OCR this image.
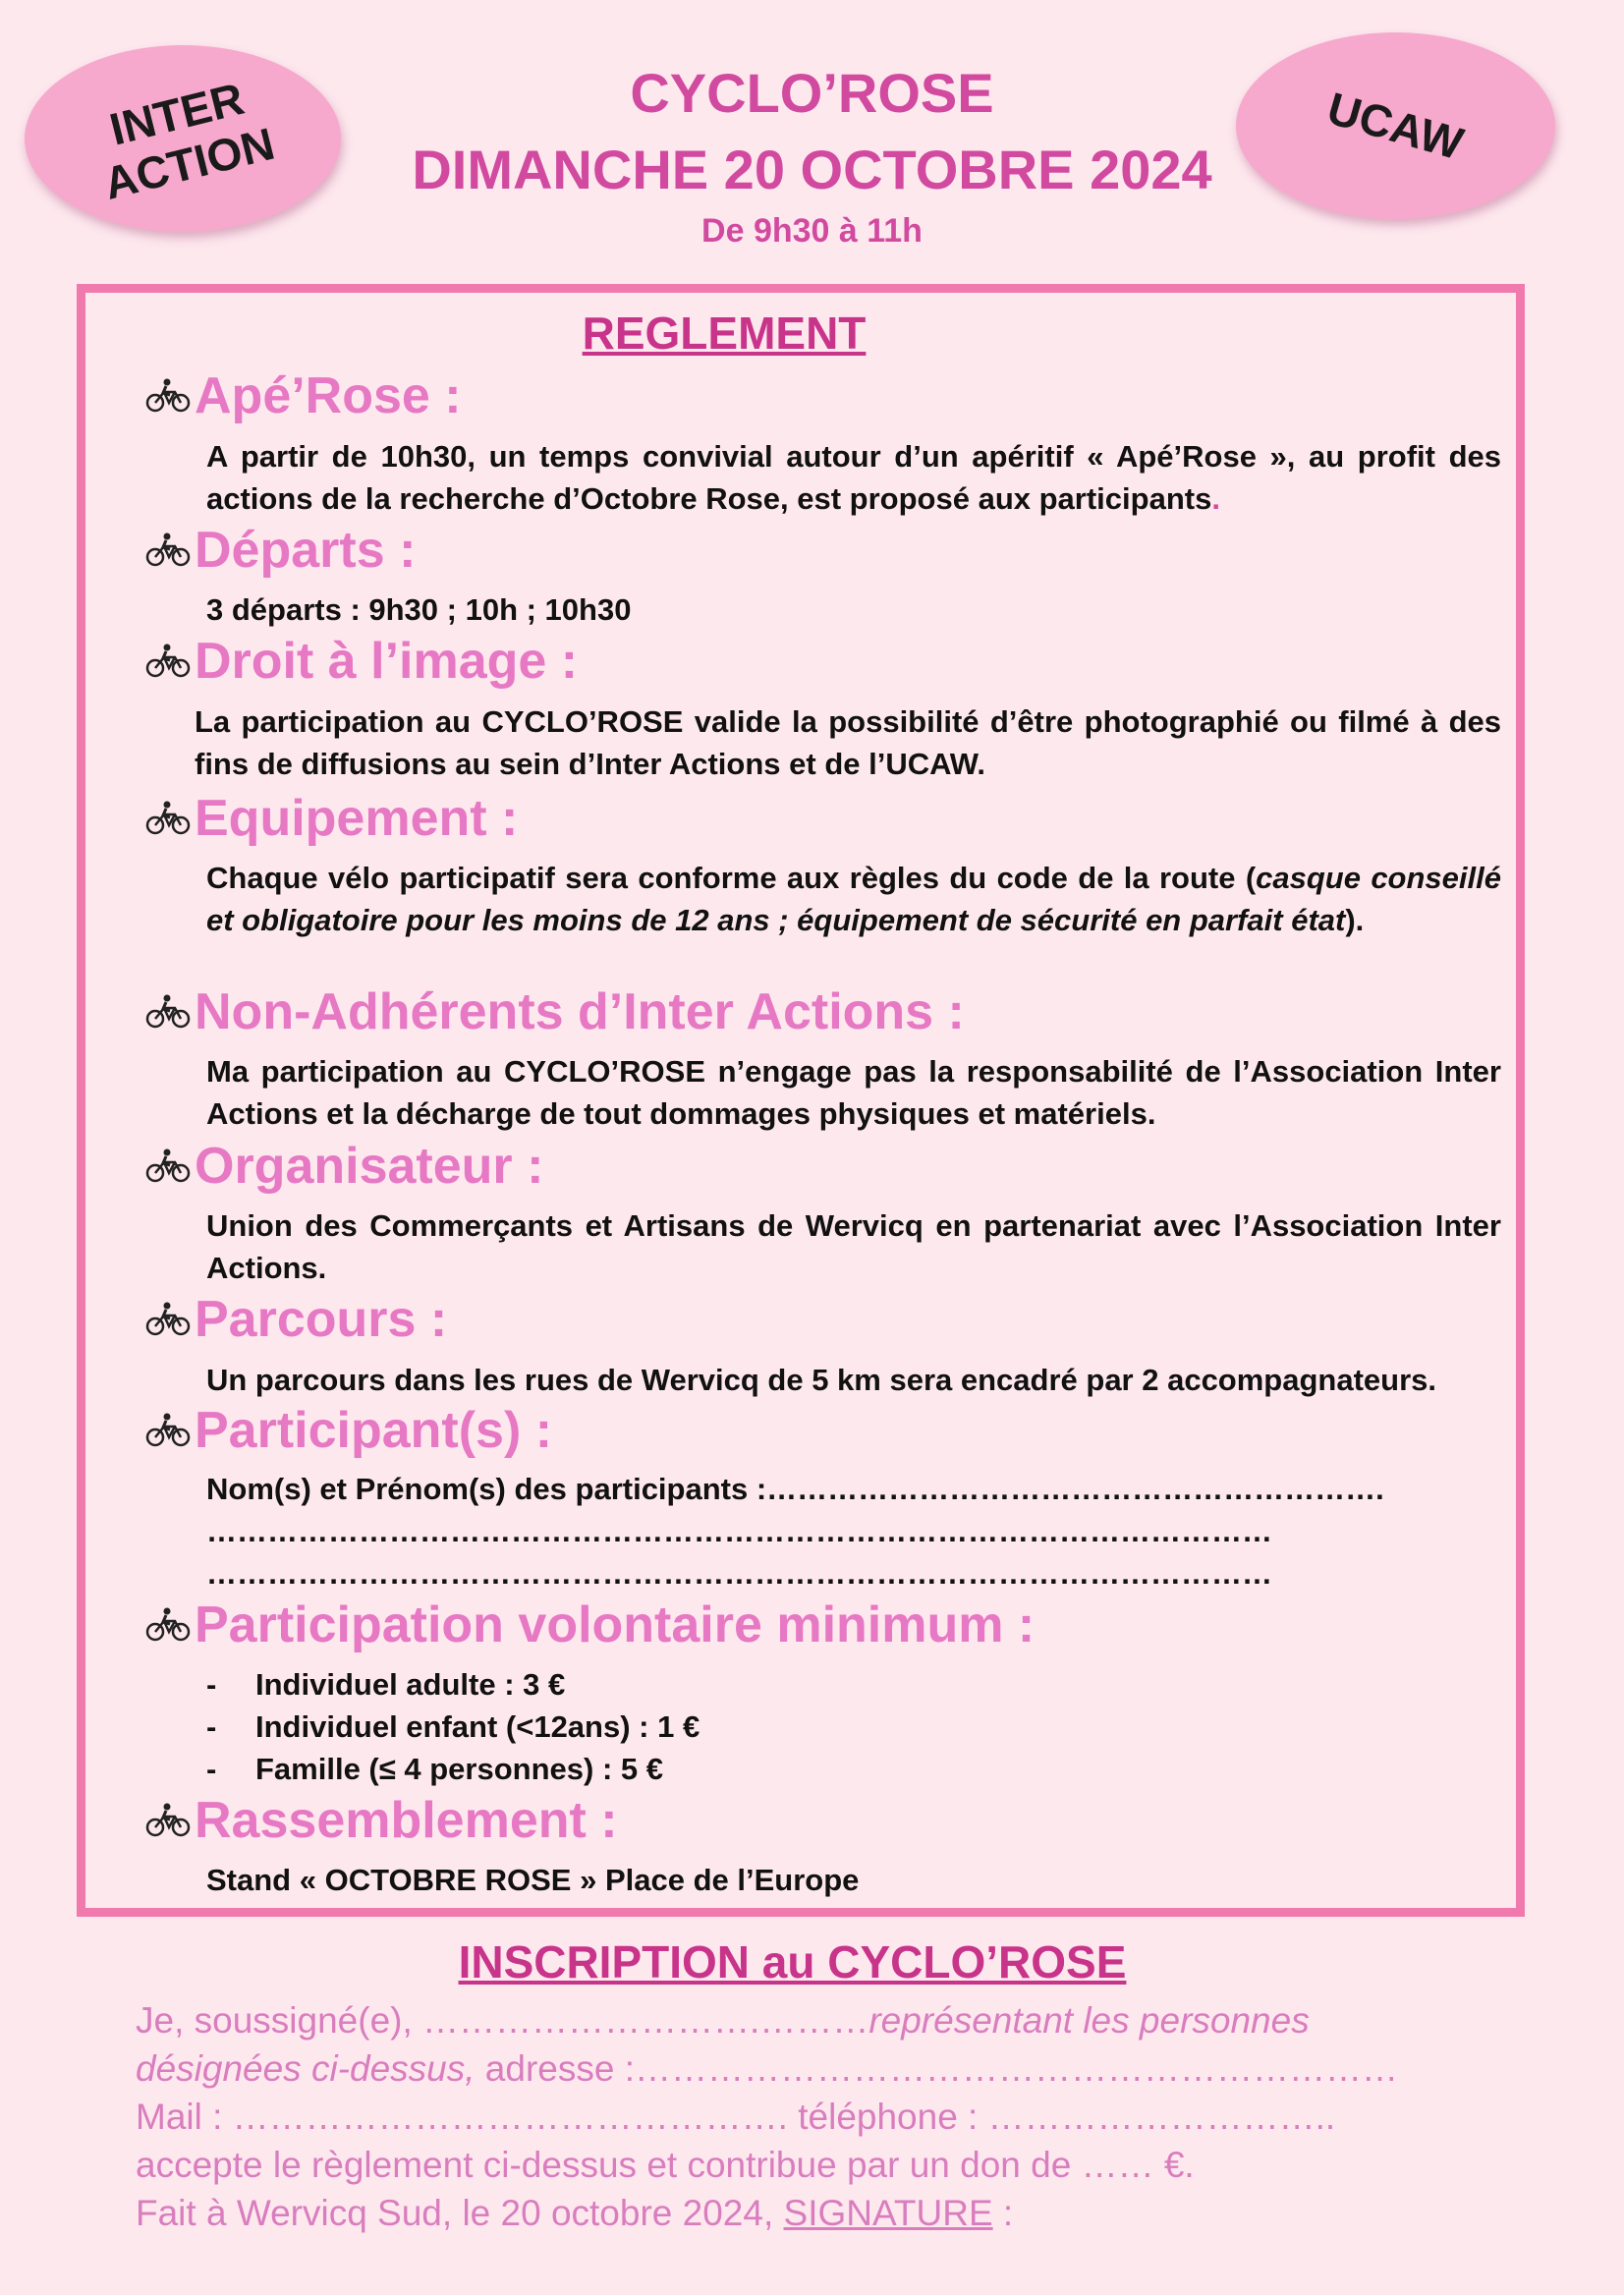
INTER
ACTION	UCAW
CYCLO’ROSE
DIMANCHE 20 OCTOBRE 2024
De 9h30 à 11h
REGLEMENT
Apé’Rose :
A partir de 10h30, un temps convivial autour d’un apéritif « Apé’Rose », au profit des actions de la recherche d’Octobre Rose, est proposé aux participants.
Départs :
3 départs : 9h30 ; 10h ; 10h30
Droit à l’image :
La participation au CYCLO’ROSE valide la possibilité d’être photographié ou filmé à des fins de diffusions au sein d’Inter Actions et de l’UCAW.
Equipement :
Chaque vélo participatif sera conforme aux règles du code de la route (casque conseillé et obligatoire pour les moins de 12 ans ; équipement de sécurité en parfait état).
Non-Adhérents d’Inter Actions :
Ma participation au CYCLO’ROSE n’engage pas la responsabilité de l’Association Inter Actions et la décharge de tout dommages physiques et matériels.
Organisateur :
Union des Commerçants et Artisans de Wervicq en partenariat avec l’Association Inter Actions.
Parcours :
Un parcours dans les rues de Wervicq de 5 km sera encadré par 2 accompagnateurs.
Participant(s) :
Nom(s) et Prénom(s) des participants :…………………………………………………….
……………………………………………………………………………………………
……………………………………………………………………………………………
Participation volontaire minimum :
-	Individuel adulte : 3 €
-	Individuel enfant (<12ans) : 1 €
-	Famille (≤ 4 personnes) : 5 €
Rassemblement :
Stand « OCTOBRE ROSE » Place de l’Europe
INSCRIPTION au CYCLO’ROSE
Je, soussigné(e), ……………………….………représentant les personnes
désignées ci-dessus, adresse :………………………………………………………
Mail : ………………………………………. téléphone : ………………………..
accepte le règlement ci-dessus et contribue par un don de …… €.
Fait à Wervicq Sud, le 20 octobre 2024, SIGNATURE :
